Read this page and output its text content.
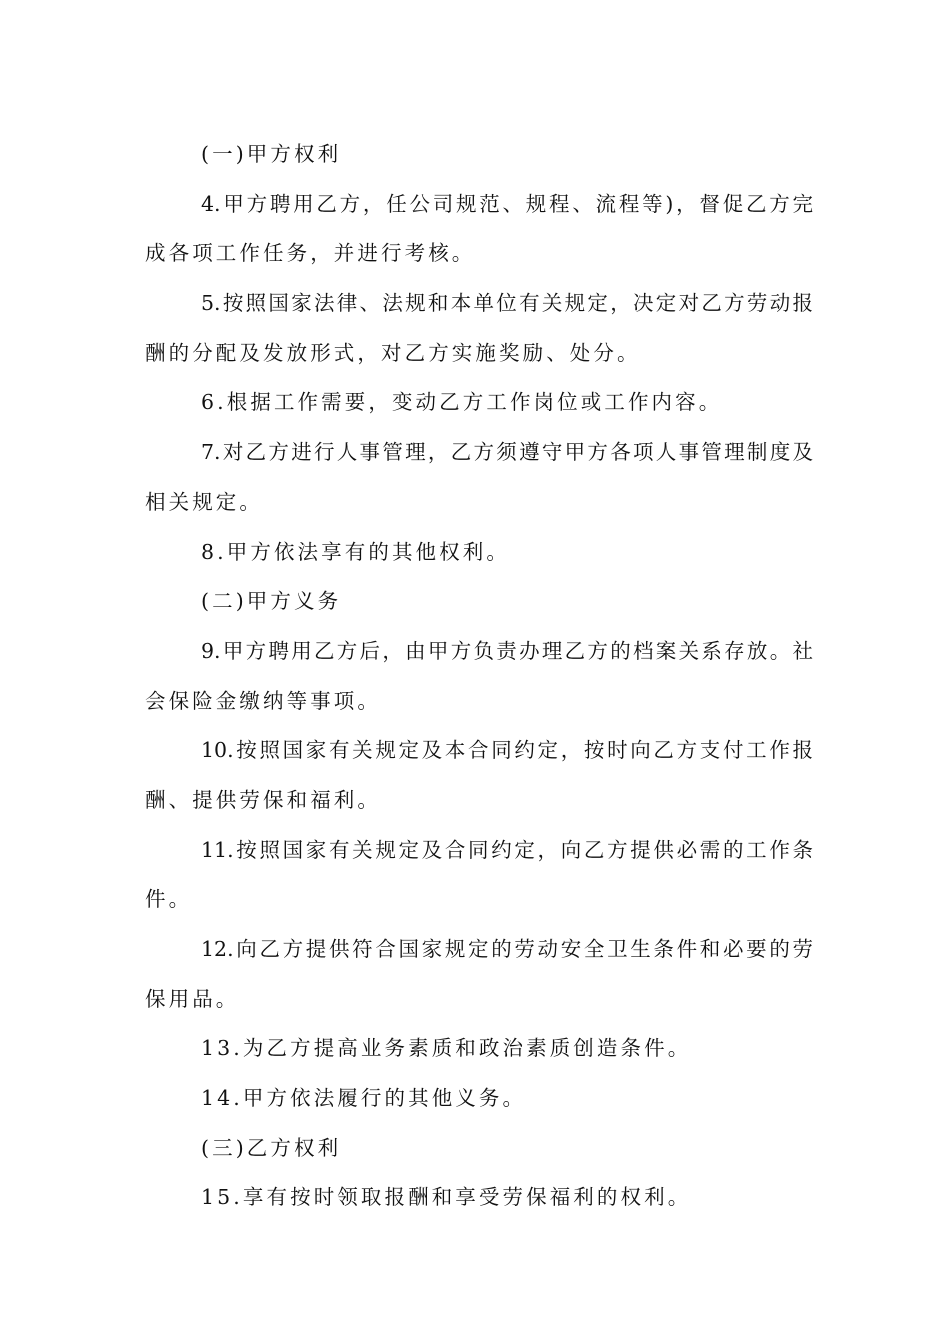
(一)甲方权利
4.甲方聘用乙方，任公司规范、规程、流程等)，督促乙方完
成各项工作任务，并进行考核。
5.按照国家法律、法规和本单位有关规定，决定对乙方劳动报
酬的分配及发放形式，对乙方实施奖励、处分。
6.根据工作需要，变动乙方工作岗位或工作内容。
7.对乙方进行人事管理，乙方须遵守甲方各项人事管理制度及
相关规定。
8.甲方依法享有的其他权利。
(二)甲方义务
9.甲方聘用乙方后，由甲方负责办理乙方的档案关系存放。社
会保险金缴纳等事项。
10.按照国家有关规定及本合同约定，按时向乙方支付工作报
酬、提供劳保和福利。
11.按照国家有关规定及合同约定，向乙方提供必需的工作条
件。
12.向乙方提供符合国家规定的劳动安全卫生条件和必要的劳
保用品。
13.为乙方提高业务素质和政治素质创造条件。
14.甲方依法履行的其他义务。
(三)乙方权利
15.享有按时领取报酬和享受劳保福利的权利。
